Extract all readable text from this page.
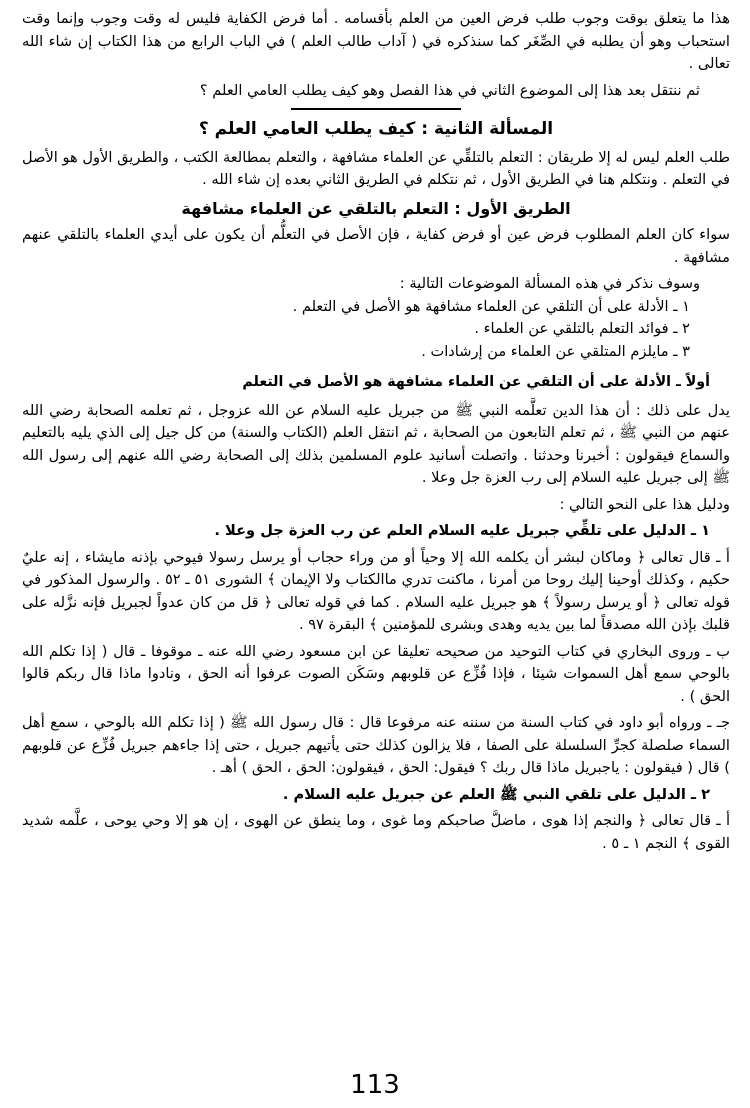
هذا ما يتعلق بوقت وجوب طلب فرض العين من العلم بأقسامه . أما فرض الكفاية فليس له وقت وجوب وإنما وقت استحباب وهو أن يطلبه في الصِّغَر كما سنذكره في ( آداب طالب العلم ) في الباب الرابع من هذا الكتاب إن شاء الله تعالى .

ثم ننتقل بعد هذا إلى الموضوع الثاني في هذا الفصل وهو كيف يطلب العامي العلم ؟

المسألة الثانية : كيف يطلب العامي العلم ؟

طلب العلم ليس له إلا طريقان : التعلم بالتلقِّي عن العلماء مشافهة ، والتعلم بمطالعة الكتب ، والطريق الأول هو الأصل في التعلم . ونتكلم هنا في الطريق الأول ، ثم نتكلم في الطريق الثاني بعده إن شاء الله .

الطريق الأول : التعلم بالتلقي عن العلماء مشافهة

سواء كان العلم المطلوب فرض عين أو فرض كفاية ، فإن الأصل في التعلُّم أن يكون على أيدي العلماء بالتلقي عنهم مشافهة .

وسوف نذكر في هذه المسألة الموضوعات التالية :

١ ـ الأدلة على أن التلقي عن العلماء مشافهة هو الأصل في التعلم .
٢ ـ فوائد التعلم بالتلقي عن العلماء .
٣ ـ مايلزم المتلقي عن العلماء من إرشادات .
أولاً ـ الأدلة على أن التلقي عن العلماء مشافهة هو الأصل في التعلم

يدل على ذلك : أن هذا الدين تعلَّمه النبي ﷺ من جبريل عليه السلام عن الله عزوجل ، ثم تعلمه الصحابة رضي الله عنهم من النبي ﷺ ، ثم تعلم التابعون من الصحابة ، ثم انتقل العلم (الكتاب والسنة) من كل جيل إلى الذي يليه بالتعليم والسماع فيقولون : أخبرنا وحدثنا . واتصلت أسانيد علوم المسلمين بذلك إلى الصحابة رضي الله عنهم إلى رسول الله ﷺ إلى جبريل عليه السلام إلى رب العزة جل وعلا .

ودليل هذا على النحو التالي :

١ ـ الدليل على تلقِّي جبريل عليه السلام العلم عن رب العزة جل وعلا .

أ ـ قال تعالى ﴿ وماكان لبشر أن يكلمه الله إلا وحياً أو من وراء حجاب أو يرسل رسولا فيوحي بإذنه مايشاء ، إنه عليٌ حكيم ، وكذلك أوحينا إليك روحا من أمرنا ، ماكنت تدري ماالكتاب ولا الإيمان ﴾ الشورى ٥١ ـ ٥٢ . والرسول المذكور في قوله تعالى ﴿ أو يرسل رسولاً ﴾ هو جبريل عليه السلام . كما في قوله تعالى ﴿ قل من كان عدواً لجبريل فإنه نزَّله على قلبك بإذن الله مصدقاً لما بين يديه وهدى وبشرى للمؤمنين ﴾ البقرة ٩٧ .

ب ـ وروى البخاري في كتاب التوحيد من صحيحه تعليقا عن ابن مسعود رضي الله عنه ـ موقوفا ـ قال ( إذا تكلم الله بالوحي سمع أهل السموات شيئا ، فإذا فُزِّع عن قلوبهم وسَكَن الصوت عرفوا أنه الحق ، ونادوا ماذا قال ربكم قالوا الحق ) .

جـ ـ ورواه أبو داود في كتاب السنة من سننه عنه مرفوعا قال : قال رسول الله ﷺ ( إذا تكلم الله بالوحي ، سمع أهل السماء صلصلة كجرِّ السلسلة على الصفا ، فلا يزالون كذلك حتى يأتيهم جبريل ، حتى إذا جاءهم جبريل فُزِّع عن قلوبهم ) قال ( فيقولون : ياجبريل ماذا قال ربك ؟ فيقول: الحق ، فيقولون: الحق ، الحق ) أهـ .

٢ ـ الدليل على تلقي النبي ﷺ العلم عن جبريل عليه السلام .

أ ـ قال تعالى ﴿ والنجم إذا هوى ، ماضلَّ صاحبكم وما غوى ، وما ينطق عن الهوى ، إن هو إلا وحي يوحى ، علَّمه شديد القوى ﴾ النجم ١ ـ ٥ .

113
